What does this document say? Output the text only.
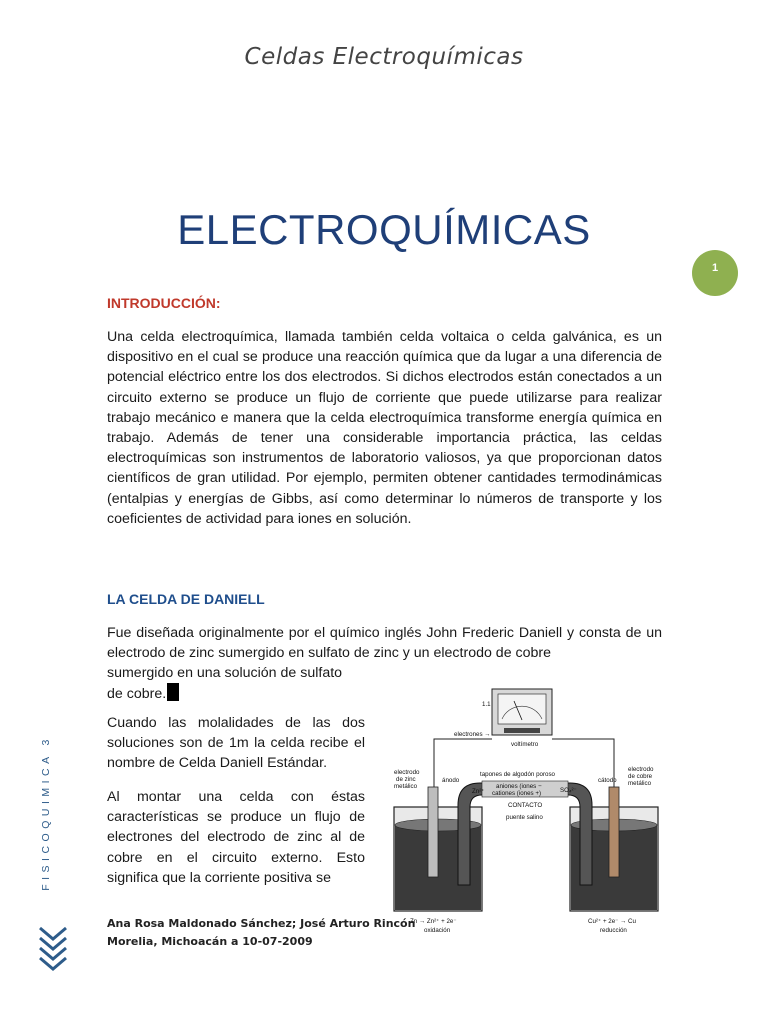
Celdas Electroquímicas
ELECTROQUÍMICAS
1
INTRODUCCIÓN:

Una celda electroquímica, llamada también celda voltaica o celda galvánica, es un dispositivo en el cual se produce una reacción química que da lugar a una diferencia de potencial eléctrico entre los dos electrodos. Si dichos electrodos están conectados a un circuito externo se produce un flujo de corriente que puede utilizarse para realizar trabajo mecánico e manera que la celda electroquímica transforme energía química en trabajo. Además de tener una considerable importancia práctica, las celdas electroquímicas son instrumentos de laboratorio valiosos, ya que proporcionan datos científicos de gran utilidad. Por ejemplo, permiten obtener cantidades termodinámicas (entalpias y energías de Gibbs, así como determinar lo números de transporte y los coeficientes de actividad para iones en solución.

LA CELDA DE DANIELL

Fue diseñada originalmente por el químico inglés John Frederic Daniell y consta de un electrodo de zinc sumergido en sulfato de zinc y un electrodo de cobre

sumergido en una solución de sulfato
de cobre.

Cuando las molalidades de las dos soluciones son de 1m la celda recibe el nombre de Celda Daniell Estándar.

Al montar una celda con éstas características se produce un flujo de electrones del electrodo de zinc al de cobre en el circuito externo. Esto significa que la corriente positiva se

1.1
voltímetro
electrones →
electrodo
de zinc
metálico
ánodo
tapones de algodón poroso
cátodo
electrodo
de cobre
metálico
Zn²⁺
aniones (iones −
cationes (iones +)	SO₄²⁻
CONTACTO
puente salino
Zn → Zn²⁺ + 2e⁻
oxidación
Cu²⁺ + 2e⁻ → Cu
reducción
FISICOQUIMICA 3
Ana Rosa Maldonado Sánchez; José Arturo Rincón
Morelia, Michoacán a 10-07-2009
